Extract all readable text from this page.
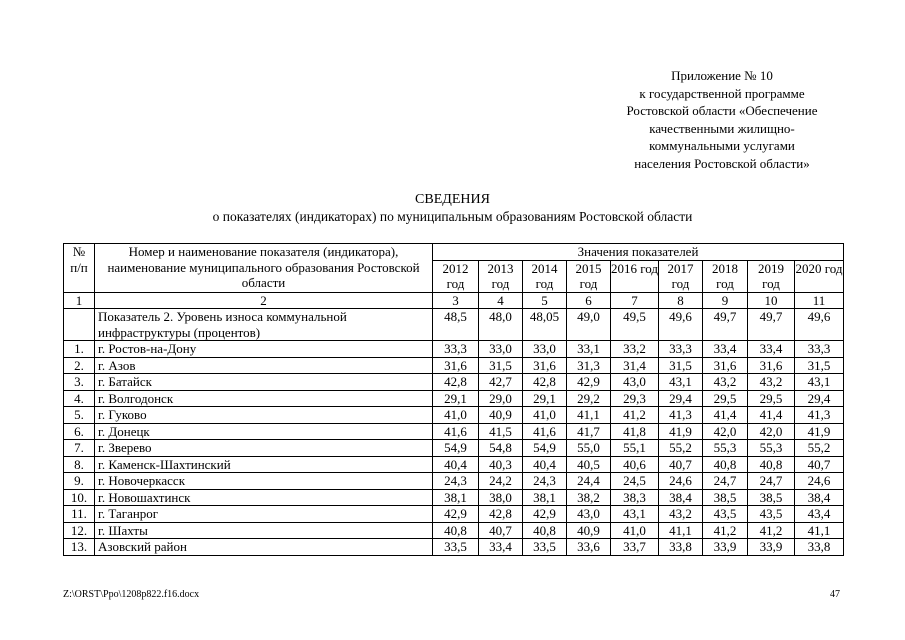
Приложение № 10
к государственной программе
Ростовской области «Обеспечение
качественными жилищно-
коммунальными услугами
населения Ростовской области»
СВЕДЕНИЯ
о показателях (индикаторах) по муниципальным образованиям Ростовской области
№ п/п	Номер и наименование показателя (индикатора), наименование муниципального образования Ростовской области	Значения показателей								
		2012 год	2013 год	2014 год	2015 год	2016 год	2017 год	2018 год	2019 год	2020 год
1	2	3	4	5	6	7	8	9	10	11
	Показатель 2. Уровень износа коммунальной инфраструктуры (процентов)	48,5	48,0	48,05	49,0	49,5	49,6	49,7	49,7	49,6
1.	г. Ростов-на-Дону	33,3	33,0	33,0	33,1	33,2	33,3	33,4	33,4	33,3
2.	г. Азов	31,6	31,5	31,6	31,3	31,4	31,5	31,6	31,6	31,5
3.	г. Батайск	42,8	42,7	42,8	42,9	43,0	43,1	43,2	43,2	43,1
4.	г. Волгодонск	29,1	29,0	29,1	29,2	29,3	29,4	29,5	29,5	29,4
5.	г. Гуково	41,0	40,9	41,0	41,1	41,2	41,3	41,4	41,4	41,3
6.	г. Донецк	41,6	41,5	41,6	41,7	41,8	41,9	42,0	42,0	41,9
7.	г. Зверево	54,9	54,8	54,9	55,0	55,1	55,2	55,3	55,3	55,2
8.	г. Каменск-Шахтинский	40,4	40,3	40,4	40,5	40,6	40,7	40,8	40,8	40,7
9.	г. Новочеркасск	24,3	24,2	24,3	24,4	24,5	24,6	24,7	24,7	24,6
10.	г. Новошахтинск	38,1	38,0	38,1	38,2	38,3	38,4	38,5	38,5	38,4
11.	г. Таганрог	42,9	42,8	42,9	43,0	43,1	43,2	43,5	43,5	43,4
12.	г. Шахты	40,8	40,7	40,8	40,9	41,0	41,1	41,2	41,2	41,1
13.	Азовский район	33,5	33,4	33,5	33,6	33,7	33,8	33,9	33,9	33,8
Z:\ORST\Ppo\1208p822.f16.docx	47
